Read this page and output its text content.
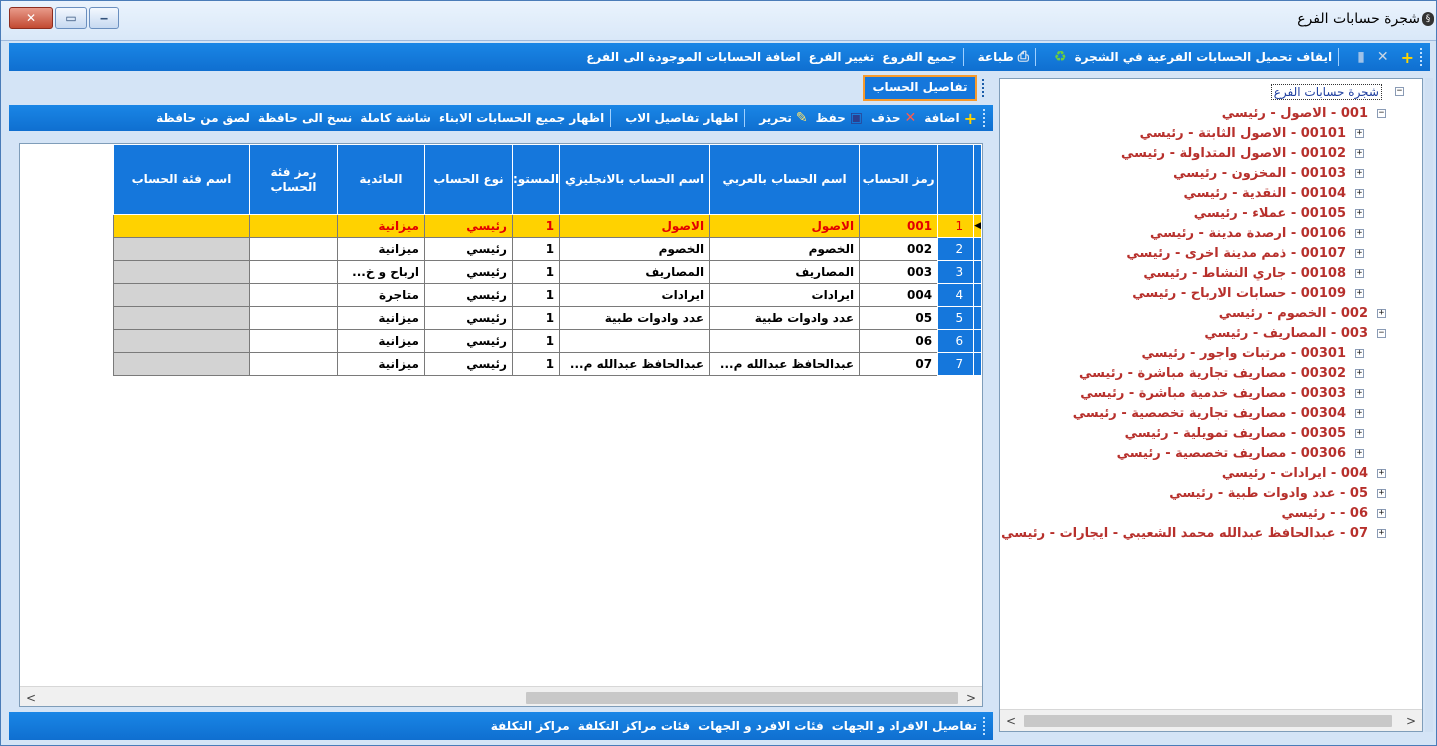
§
شجرة حسابات الفرع
✕	▭	‒
+
✕
▮
ايقاف تحميل الحسابات الفرعية في الشجرة
♻
⎙
طباعة
جميع الفروع
تغيير الفرع
اضافة الحسابات الموجودة الى الفرع
تفاصيل الحساب
+
اضافة
✕
حذف
▣
حفظ
✎
تحرير
اظهار تفاصيل الاب
اظهار جميع الحسابات الابناء
شاشة كاملة
نسخ الى حافظة
لصق من حافظة
		رمز الحساب	اسم الحساب بالعربي	اسم الحساب بالانجليزي	المستو:	نوع الحساب	العائدية	رمز فئة الحساب	اسم فئة الحساب
◀	1	001	الاصول	الاصول	1	رئيسي	ميزانية		
	2	002	الخصوم	الخصوم	1	رئيسي	ميزانية		
	3	003	المصاريف	المصاريف	1	رئيسي	ارباح و خ...		
	4	004	ايرادات	ايرادات	1	رئيسي	متاجرة		
	5	05	عدد وادوات طبية	عدد وادوات طبية	1	رئيسي	ميزانية		
	6	06			1	رئيسي	ميزانية		
	7	07	عبدالحافظ عبدالله م...	عبدالحافظ عبدالله م...	1	رئيسي	ميزانية		
<	>
تفاصيل الافراد و الجهات
فئات الافرد و الجهات
فئات مراكز التكلفة
مراكز التكلفة
−
شجرة حسابات الفرع
−
001 - الاصول - رئيسي
+
00101 - الاصول الثابتة - رئيسي
+
00102 - الاصول المتداولة - رئيسي
+
00103 - المخزون - رئيسي
+
00104 - النقدية - رئيسي
+
00105 - عملاء - رئيسي
+
00106 - ارصدة مدينة - رئيسي
+
00107 - ذمم مدينة اخرى - رئيسي
+
00108 - جاري النشاط - رئيسي
+
00109 - حسابات الارباح - رئيسي
+
002 - الخصوم - رئيسي
−
003 - المصاريف - رئيسي
+
00301 - مرتبات واجور - رئيسي
+
00302 - مصاريف تجارية مباشرة - رئيسي
+
00303 - مصاريف خدمية مباشرة - رئيسي
+
00304 - مصاريف تجارية تخصصية - رئيسي
+
00305 - مصاريف تمويلية - رئيسي
+
00306 - مصاريف تخصصية - رئيسي
+
004 - ايرادات - رئيسي
+
05 - عدد وادوات طبية - رئيسي
+
06 - - رئيسي
+
07 - عبدالحافظ عبدالله محمد الشعيبي - ايجارات - رئيسي
<	>
